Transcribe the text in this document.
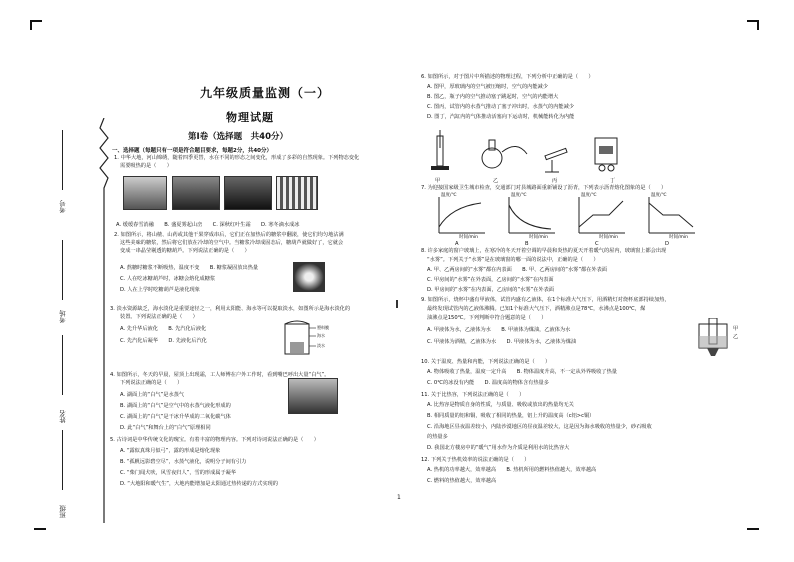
考号
考场
姓名
班级
九年级质量监测（一）
物理试题
第Ⅰ卷（选择题　共40分）
一、选择题（每题只有一项是符合题目要求，每题2分，共40分）
1. 中华大地，河山锦绣，随着四季更替，水在不同的形态之间变化，形成了多彩的自然现象。下列物态变化
需要吸热的是（　　）
A. 缓缓春雪消融　　B. 盛夏雾起山峦　　C. 深秋红叶生霜　　D. 寒冬滴水成冰
2. 如图所示，将山楂、山药或其他干果穿成串后，它们正在加热后的糖浆中翻滚，使它们均匀地沾满
这些美味的糖浆，然后将它们放在冷却的空气中。当糖浆冷却成固态后，糖葫芦就做好了，它就会
变成一串晶莹剔透的糖葫芦。下列说法正确的是（　　）
A. 熬糖时糖浆不断吸热，温度不变　　B. 糖浆凝固放出热量
C. 人在吃冰糖葫芦时，冰糖会熔化成糖浆
D. 人在上学时吃糖葫芦是液化现象
3. 淡水资源缺乏，海水淡化是重要途径之一，利用太阳能、海水等可以提取淡水，如图所示是海水淡化的
装置。下列说法正确的是（　　）
A. 先升华后液化　　B. 先汽化后液化
C. 先汽化后凝华　　D. 先液化后汽化
塑料膜
海水
淡水
4. 如图所示，冬天的早晨，屋顶上出现霜，工人师傅在户外工作时，看到嘴巴呼出大量“白气”。
下列说法正确的是（　　）
A. 湖面上的“白气”是水蒸气
B. 湖面上的“白气”是空气中的水蒸气液化形成的
C. 湖面上的“白气”是干冰升华成的二氧化碳气体
D. 此“白气”和舞台上的“白气”原理相同
5. 古诗词是中华传统文化的瑰宝。有着丰富的物理内容。下列对诗词说法正确的是（　　）
A. “露似真珠月似弓”，露的形成是熔化现象
B. “孤帆远影碧空尽”，水蒸气液化，说明分子间有引力
C. “柴门闻犬吠，风雪夜归人”，雪的形成属于凝华
D. “大地阳和暖气生”，大地内能增加是太阳通过热传递的方式实现的
6. 如图所示，对于图片中所描述的物理过程，下列分析中正确的是（　　）
A. 图甲，厚玻璃内的空气被压缩时，空气的内能减少
B. 图乙，瓶子内的空气推动塞子跳起时，空气的内能增大
C. 图丙，试管内的水蒸气推动了塞子冲出时，水蒸气的内能减少
D. 图丁，汽缸内的气体推动活塞向下运动时，机械能转化为内能
甲	乙	丙	丁
7. 为迎接国家级卫生城市检查，交通部门对县城路面重新铺设了沥青，下列表示沥青熔化图象的是（　　）
温度/℃	温度/℃	温度/℃	温度/℃
时间/min	时间/min	时间/min	时间/min
A	B	C	D
8. 许多家庭的窗户玻璃上，在寒冷的冬天开着空调的早晨和炎热的夏天开着暖气的屋内，玻璃窗上都会出现
“水雾”。下列关于“水雾”是在玻璃窗的哪一面的说法中，正确的是（　　）
A. 甲、乙两房间的“水雾”都在内表面　　B. 甲、乙两房间的“水雾”都在外表面
C. 甲房间的“水雾”在外表面，乙房间的“水雾”在内表面
D. 甲房间的“水雾”在内表面，乙房间的“水雾”在外表面
9. 如图所示，烧杯中盛有甲液体，试管内盛有乙液体，在1个标准大气压下，用酒精灯对烧杯底部持续加热，
最终发现试管内的乙液体沸腾。已知1个标准大气压下，酒精沸点是78℃，水沸点是100℃，煤
油沸点是150℃。下列判断中符合题意的是（　　）
A. 甲液体为水，乙液体为水　　B. 甲液体为煤油，乙液体为水
C. 甲液体为酒精，乙液体为水　　D. 甲液体为水，乙液体为煤油
甲
乙
10. 关于温度、热量和内能，下列说法正确的是（　　）
A. 物体吸收了热量，温度一定升高　　B. 物体温度升高，不一定从外界吸收了热量
C. 0℃的冰没有内能　　D. 温度高的物体含有热量多
11. 关于比热容，下列说法正确的是（　　）
A. 比热容是物质自身的性质，与质量、吸收或放出的热量均无关
B. 相同质量的铝和铜，吸收了相同的热量，铝上升的温度高（c铝>c铜）
C. 沿海地区昼夜温差较小，内陆沙漠地区的昼夜温差较大，这是因为海水吸收的热量少，砂石吸收
的热量多
D. 我国北方楼房中的“暖气”用水作为介质是利用水的比热容大
12. 下列关于热机效率的说法正确的是（　　）
A. 热机的功率越大，效率越高　　B. 热机所用的燃料热值越大，效率越高
C. 燃料的热值越大，效率越高
1
